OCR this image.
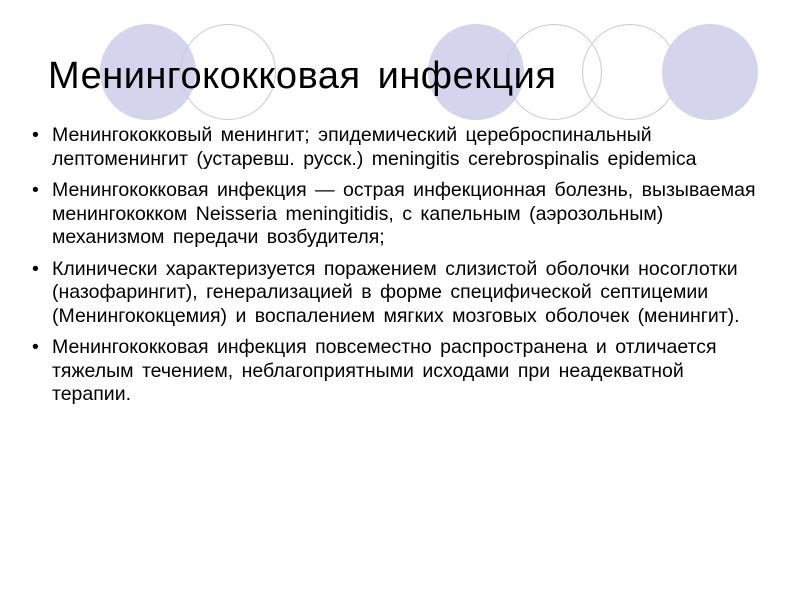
Менингококковая инфекция
• Менингококковый менингит; эпидемический цереброспинальный лептоменингит (устаревш. русск.) meningitis cerebrospinalis epidemica
• Менингококковая инфекция — острая инфекционная болезнь, вызываемая менингококком Neisseria meningitidis, с капельным (аэрозольным) механизмом передачи возбудителя;
• Клинически характеризуется поражением слизистой оболочки носоглотки (назофарингит), генерализацией в форме специфической септицемии (Менингококцемия) и воспалением мягких мозговых оболочек (менингит).
• Менингококковая инфекция повсеместно распространена и отличается тяжелым течением, неблагоприятными исходами при неадекватной терапии.
